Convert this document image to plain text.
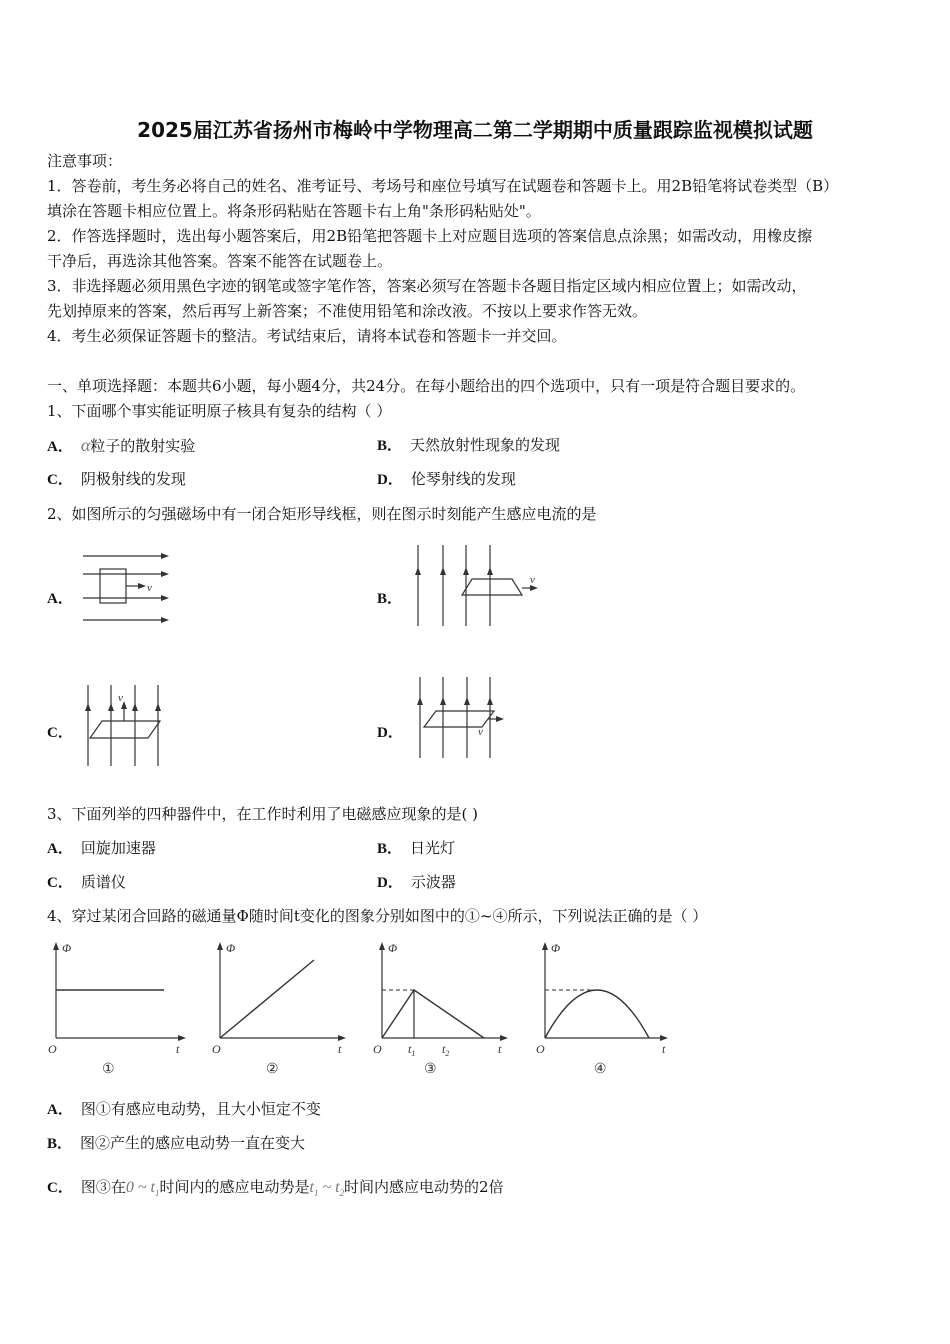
2025届江苏省扬州市梅岭中学物理高二第二学期期中质量跟踪监视模拟试题
注意事项：
1．答卷前，考生务必将自己的姓名、准考证号、考场号和座位号填写在试题卷和答题卡上。用2B铅笔将试卷类型（B）
填涂在答题卡相应位置上。将条形码粘贴在答题卡右上角"条形码粘贴处"。
2．作答选择题时，选出每小题答案后，用2B铅笔把答题卡上对应题目选项的答案信息点涂黑；如需改动，用橡皮擦
干净后，再选涂其他答案。答案不能答在试题卷上。
3．非选择题必须用黑色字迹的钢笔或签字笔作答，答案必须写在答题卡各题目指定区域内相应位置上；如需改动，
先划掉原来的答案，然后再写上新答案；不准使用铅笔和涂改液。不按以上要求作答无效。
4．考生必须保证答题卡的整洁。考试结束后，请将本试卷和答题卡一并交回。
一、单项选择题：本题共6小题，每小题4分，共24分。在每小题给出的四个选项中，只有一项是符合题目要求的。
1、下面哪个事实能证明原子核具有复杂的结构（ ）
A． α粒子的散射实验	B． 天然放射性现象的发现
C． 阴极射线的发现	D． 伦琴射线的发现
2、如图所示的匀强磁场中有一闭合矩形导线框，则在图示时刻能产生感应电流的是
A．
v
B．
v
C．
v
D．	v
3、下面列举的四种器件中，在工作时利用了电磁感应现象的是( )
A． 回旋加速器	B． 日光灯
C． 质谱仪	D． 示波器
4、穿过某闭合回路的磁通量Φ随时间t变化的图象分别如图中的①~④所示，下列说法正确的是（ ）
Φ
O	t
①
Φ
O	t
②
Φ
O $t_1$ $t_2$	t
③
Φ
O	t
④
A． 图①有感应电动势，且大小恒定不变
B． 图②产生的感应电动势一直在变大
C． 图③在0 ~ $t_1$时间内的感应电动势是$t_1$ ~ $t_2$时间内感应电动势的2倍
